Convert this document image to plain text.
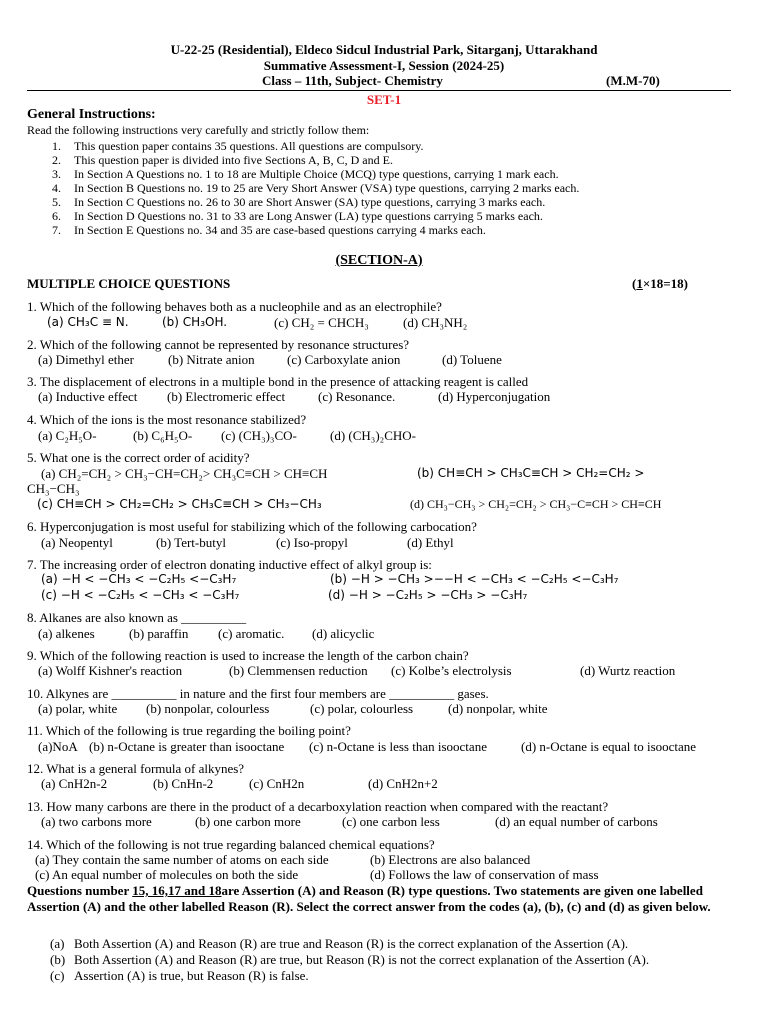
U-22-25 (Residential), Eldeco Sidcul Industrial Park, Sitarganj, Uttarakhand
Summative Assessment-I, Session (2024-25)
Class – 11th, Subject- Chemistry	(M.M-70)
SET-1
General Instructions:
Read the following instructions very carefully and strictly follow them:
1. This question paper contains 35 questions. All questions are compulsory.
2. This question paper is divided into five Sections A, B, C, D and E.
3. In Section A Questions no. 1 to 18 are Multiple Choice (MCQ) type questions, carrying 1 mark each.
4. In Section B Questions no. 19 to 25 are Very Short Answer (VSA) type questions, carrying 2 marks each.
5. In Section C Questions no. 26 to 30 are Short Answer (SA) type questions, carrying 3 marks each.
6. In Section D Questions no. 31 to 33 are Long Answer (LA) type questions carrying 5 marks each.
7. In Section E Questions no. 34 and 35 are case-based questions carrying 4 marks each.
(SECTION-A)
MULTIPLE CHOICE QUESTIONS	(1×18=18)
1. Which of the following behaves both as a nucleophile and as an electrophile?
(a) CH₃C ≡ N.	(b) CH₃OH.	(c) CH₂ = CHCH₃	(d) CH₃NH₂
2. Which of the following cannot be represented by resonance structures?
(a) Dimethyl ether	(b) Nitrate anion (c) Carboxylate anion	(d) Toluene
3. The displacement of electrons in a multiple bond in the presence of attacking reagent is called
(a) Inductive effect (b) Electromeric effect	(c) Resonance.	(d) Hyperconjugation
4. Which of the ions is the most resonance stabilized?
(a) C₂H₅O-	(b) C₆H₅O- (c) (CH₃)₃CO-	(d) (CH₃)₂CHO-
5. What one is the correct order of acidity?
(a) CH₂=CH₂ > CH₃−CH=CH₂> CH₃C≡CH > CH≡CH	(b) CH≡CH > CH₃C≡CH > CH₂=CH₂ >
CH₃−CH₃
(c) CH≡CH > CH₂=CH₂ > CH₃C≡CH > CH₃−CH₃	(d) CH₃−CH₃ > CH₂=CH₂ > CH₃−C≡CH > CH≡CH
6. Hyperconjugation is most useful for stabilizing which of the following carbocation?
(a) Neopentyl	(b) Tert-butyl	(c) Iso-propyl	(d) Ethyl
7. The increasing order of electron donating inductive effect of alkyl group is:
(a) −H < −CH₃ < −C₂H₅ <−C₃H₇	(b) −H > −CH₃ >−−H < −CH₃ < −C₂H₅ <−C₃H₇
(c) −H < −C₂H₅ < −CH₃ < −C₃H₇	(d) −H > −C₂H₅ > −CH₃ > −C₃H₇
8. Alkanes are also known as __________
(a) alkenes	(b) paraffin (c) aromatic. (d) alicyclic
9. Which of the following reaction is used to increase the length of the carbon chain?
(a) Wolff Kishner's reaction	(b) Clemmensen reduction (c) Kolbe’s electrolysis	(d) Wurtz reaction
10. Alkynes are __________ in nature and the first four members are __________ gases.
(a) polar, white (b) nonpolar, colourless	(c) polar, colourless	(d) nonpolar, white
11. Which of the following is true regarding the boiling point?
(a)NoA (b) n-Octane is greater than isooctane (c) n-Octane is less than isooctane	(d) n-Octane is equal to isooctane
12. What is a general formula of alkynes?
(a) CnH2n-2	(b) CnHn-2	(c) CnH2n	(d) CnH2n+2
13. How many carbons are there in the product of a decarboxylation reaction when compared with the reactant?
(a) two carbons more	(b) one carbon more	(c) one carbon less	(d) an equal number of carbons
14. Which of the following is not true regarding balanced chemical equations?
(a) They contain the same number of atoms on each side	(b) Electrons are also balanced
(c) An equal number of molecules on both the side	(d) Follows the law of conservation of mass
Questions number 15, 16,17 and 18are Assertion (A) and Reason (R) type questions. Two statements are given one labelled Assertion (A) and the other labelled Reason (R). Select the correct answer from the codes (a), (b), (c) and (d) as given below.
(a) Both Assertion (A) and Reason (R) are true and Reason (R) is the correct explanation of the Assertion (A).
(b) Both Assertion (A) and Reason (R) are true, but Reason (R) is not the correct explanation of the Assertion (A).
(c) Assertion (A) is true, but Reason (R) is false.
